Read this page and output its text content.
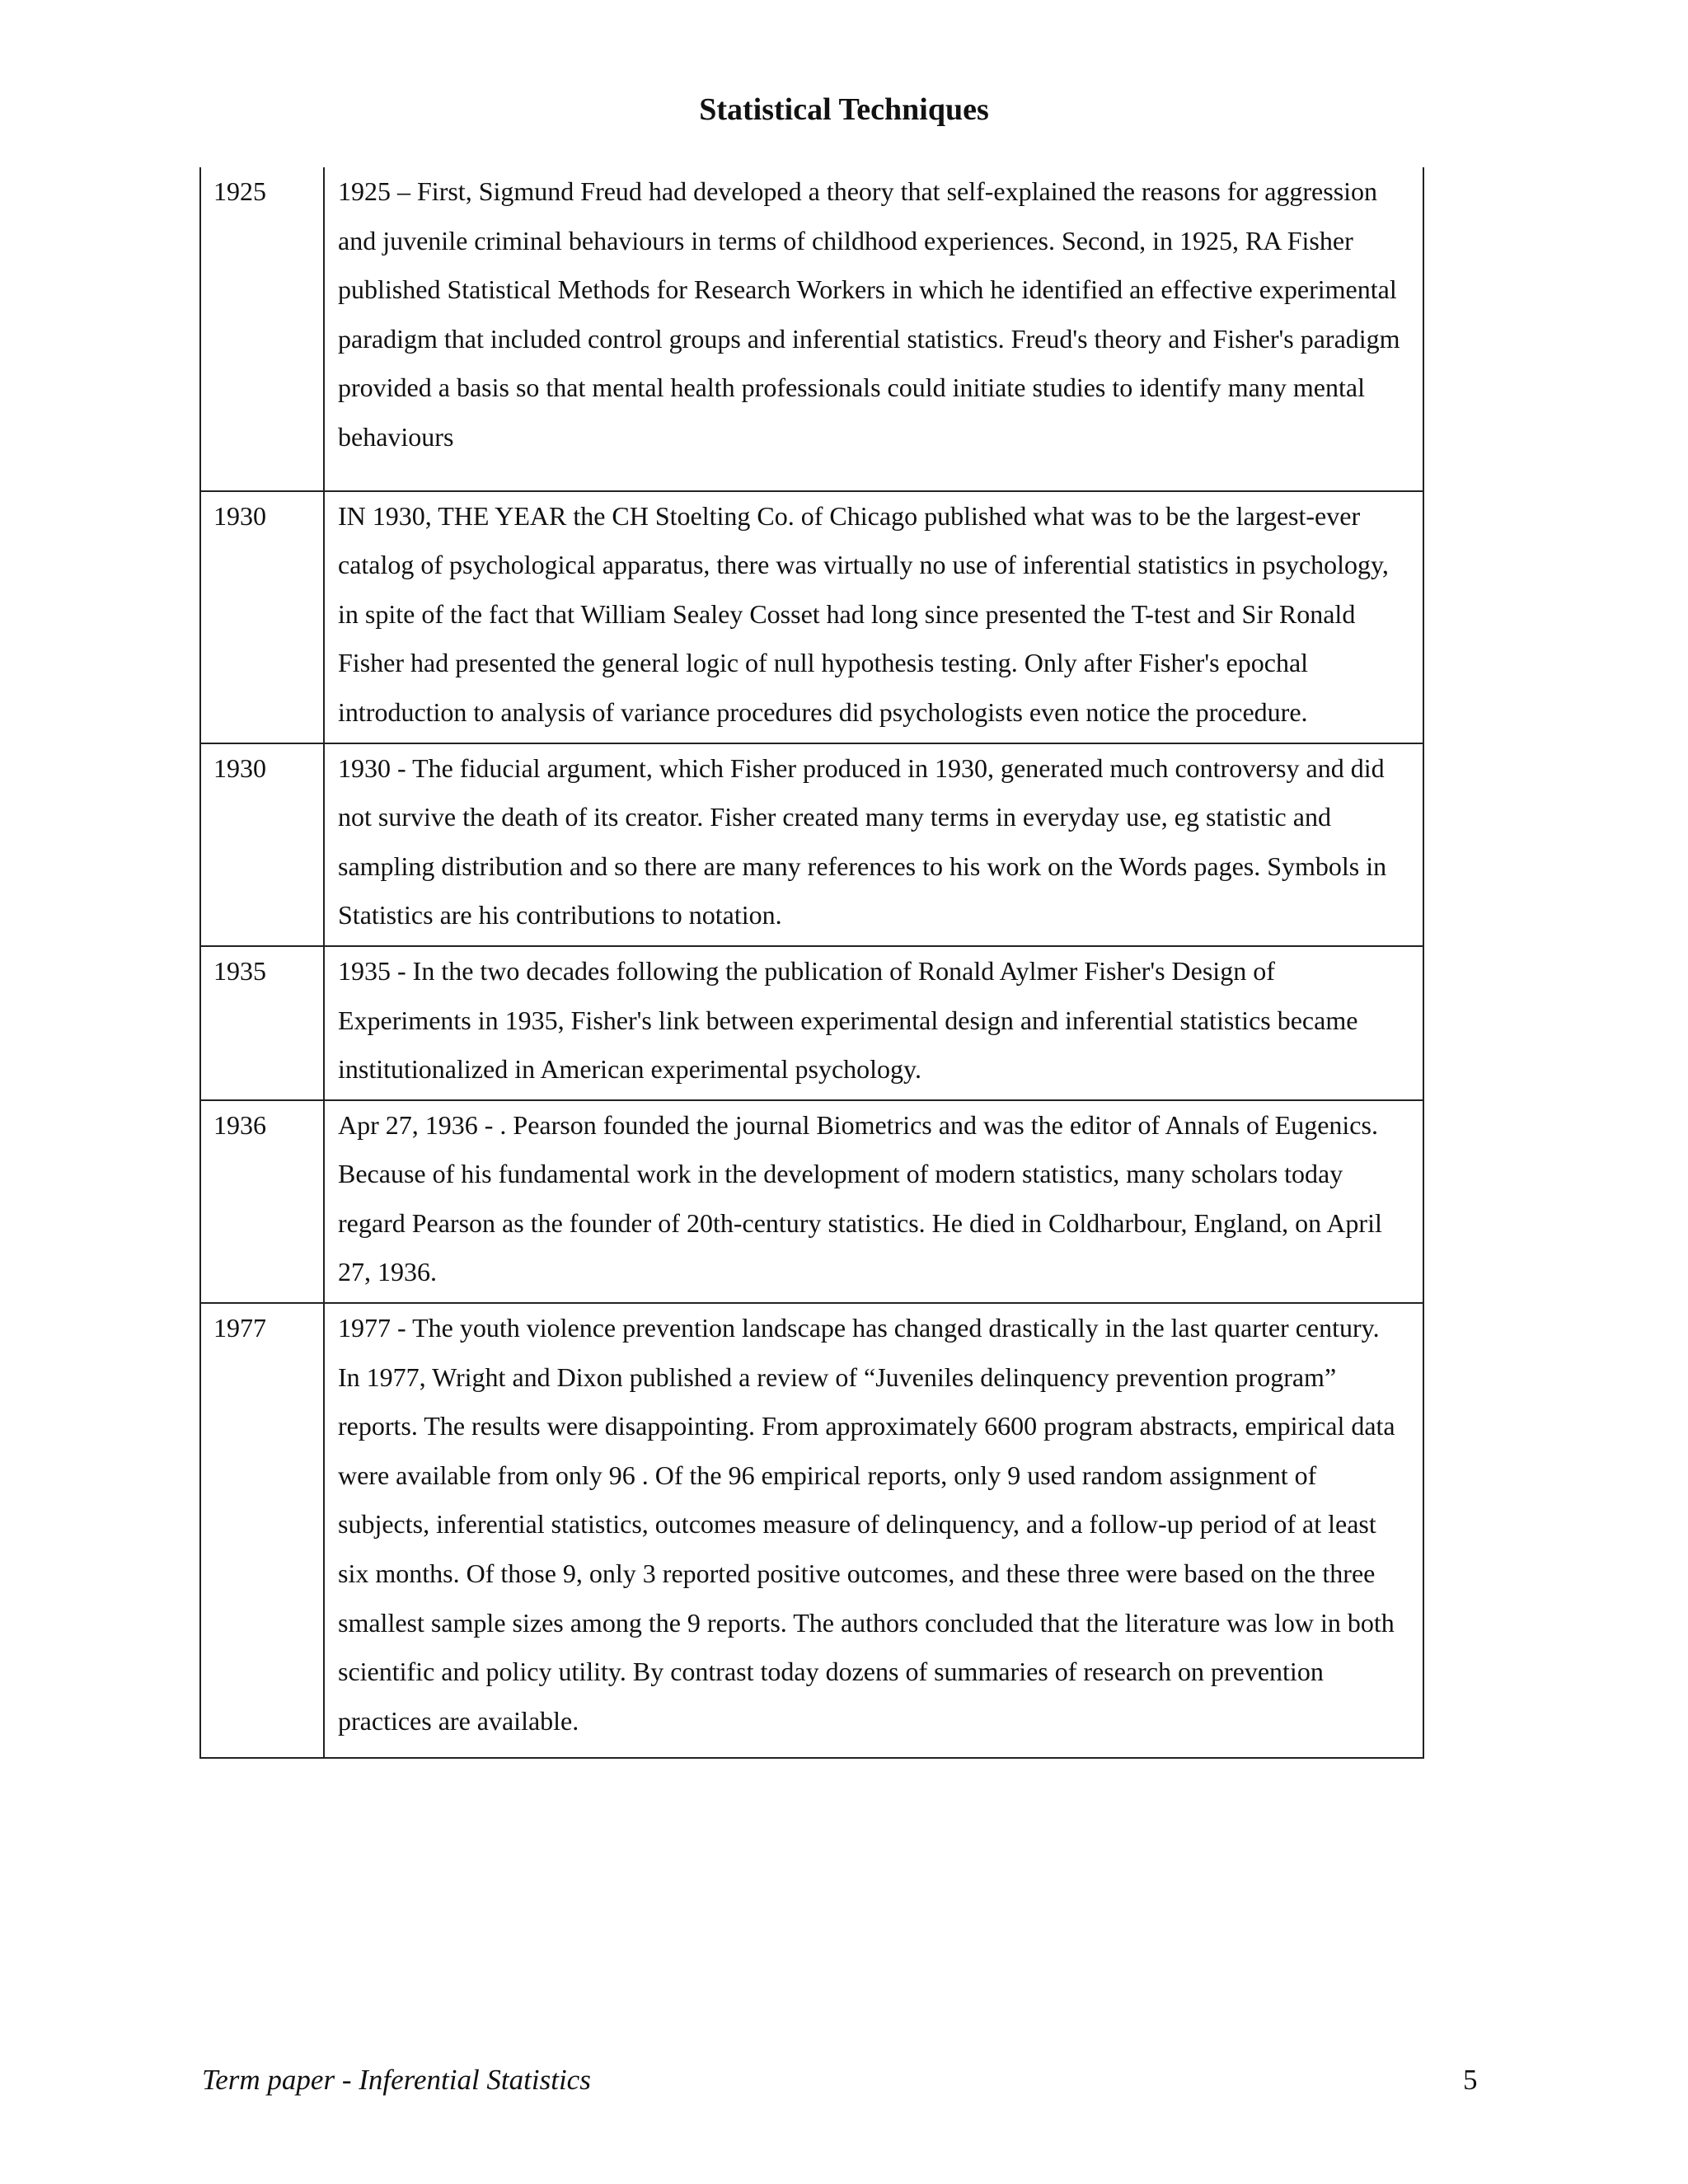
Statistical Techniques
1925	1925 – First, Sigmund Freud had developed a theory that self-explained the reasons for aggression and juvenile criminal behaviours in terms of childhood experiences. Second, in 1925, RA Fisher published Statistical Methods for Research Workers in which he identified an effective experimental paradigm that included control groups and inferential statistics. Freud's theory and Fisher's paradigm provided a basis so that mental health professionals could initiate studies to identify many mental behaviours
1930	IN 1930, THE YEAR the CH Stoelting Co. of Chicago published what was to be the largest-ever catalog of psychological apparatus, there was virtually no use of inferential statistics in psychology, in spite of the fact that William Sealey Cosset had long since presented the T-test and Sir Ronald Fisher had presented the general logic of null hypothesis testing. Only after Fisher's epochal introduction to analysis of variance procedures did psychologists even notice the procedure.
1930	1930 - The fiducial argument, which Fisher produced in 1930, generated much controversy and did not survive the death of its creator. Fisher created many terms in everyday use, eg statistic and sampling distribution and so there are many references to his work on the Words pages. Symbols in Statistics are his contributions to notation.
1935	1935 - In the two decades following the publication of Ronald Aylmer Fisher's Design of Experiments in 1935, Fisher's link between experimental design and inferential statistics became institutionalized in American experimental psychology.
1936	Apr 27, 1936 - . Pearson founded the journal Biometrics and was the editor of Annals of Eugenics. Because of his fundamental work in the development of modern statistics, many scholars today regard Pearson as the founder of 20th-century statistics. He died in Coldharbour, England, on April 27, 1936.
1977	1977 - The youth violence prevention landscape has changed drastically in the last quarter century. In 1977, Wright and Dixon published a review of “Juveniles delinquency prevention program” reports. The results were disappointing. From approximately 6600 program abstracts, empirical data were available from only 96 . Of the 96 empirical reports, only 9 used random assignment of subjects, inferential statistics, outcomes measure of delinquency, and a follow-up period of at least six months. Of those 9, only 3 reported positive outcomes, and these three were based on the three smallest sample sizes among the 9 reports. The authors concluded that the literature was low in both scientific and policy utility. By contrast today dozens of summaries of research on prevention practices are available.
Term paper - Inferential Statistics	5
